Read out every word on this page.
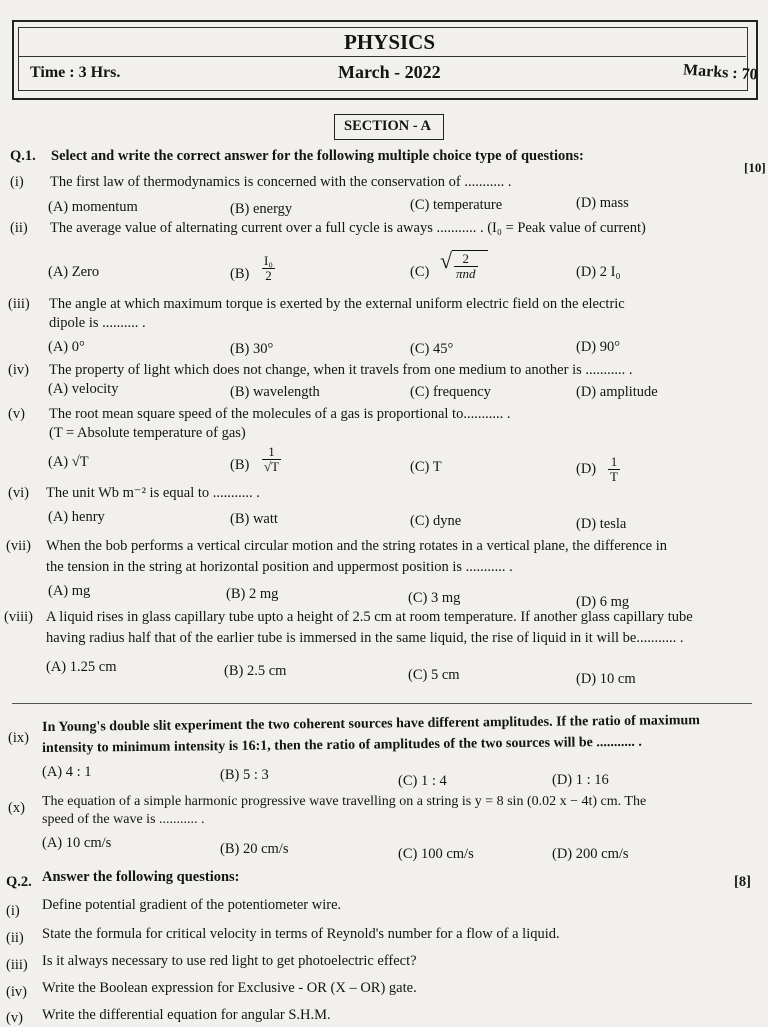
PHYSICS
Time : 3 Hrs.	March - 2022	Marks : 70
SECTION - A
Q.1. Select and write the correct answer for the following multiple choice type of questions:
[10]
(i) The first law of thermodynamics is concerned with the conservation of ........... .
(A) momentum	(B) energy	(C) temperature	(D) mass
(ii) The average value of alternating current over a full cycle is aways ........... . (I₀ = Peak value of current)
(A) Zero	$(B) \frac{\text{I₀}}{2}$	(C) √ $\frac{2}{\text{πnd}}$	(D) 2 I₀
(iii) The angle at which maximum torque is exerted by the external uniform electric field on the electric
dipole is .......... .
(A) 0°	(B) 30°	(C) 45°	(D) 90°
(iv) The property of light which does not change, when it travels from one medium to another is ........... .
(A) velocity	(B) wavelength	(C) frequency	(D) amplitude
(v) The root mean square speed of the molecules of a gas is proportional to........... .
(T = Absolute temperature of gas)
(A) √T	$(B) \frac{1}{√T}$	(C) T	$(D) \frac{1}{T}$
(vi) The unit Wb m⁻² is equal to ........... .
(A) henry	(B) watt	(C) dyne	(D) tesla
(vii) When the bob performs a vertical circular motion and the string rotates in a vertical plane, the difference in
the tension in the string at horizontal position and uppermost position is ........... .
(A) mg	(B) 2 mg	(C) 3 mg	(D) 6 mg
(viii) A liquid rises in glass capillary tube upto a height of 2.5 cm at room temperature. If another glass capillary tube
having radius half that of the earlier tube is immersed in the same liquid, the rise of liquid in it will be........... .
(A) 1.25 cm	(B) 2.5 cm	(C) 5 cm	(D) 10 cm
(ix)
In Young's double slit experiment the two coherent sources have different amplitudes. If the ratio of maximum
intensity to minimum intensity is 16:1, then the ratio of amplitudes of the two sources will be ........... .
(A) 4 : 1	(B) 5 : 3	(C) 1 : 4	(D) 1 : 16
(x) The equation of a simple harmonic progressive wave travelling on a string is y = 8 sin (0.02 x − 4t) cm. The
speed of the wave is ........... .
(A) 10 cm/s	(B) 20 cm/s	(C) 100 cm/s	(D) 200 cm/s
Q.2. Answer the following questions:	[8]
(i) Define potential gradient of the potentiometer wire.
(ii) State the formula for critical velocity in terms of Reynold's number for a flow of a liquid.
(iii) Is it always necessary to use red light to get photoelectric effect?
(iv) Write the Boolean expression for Exclusive - OR (X – OR) gate.
(v) Write the differential equation for angular S.H.M.
